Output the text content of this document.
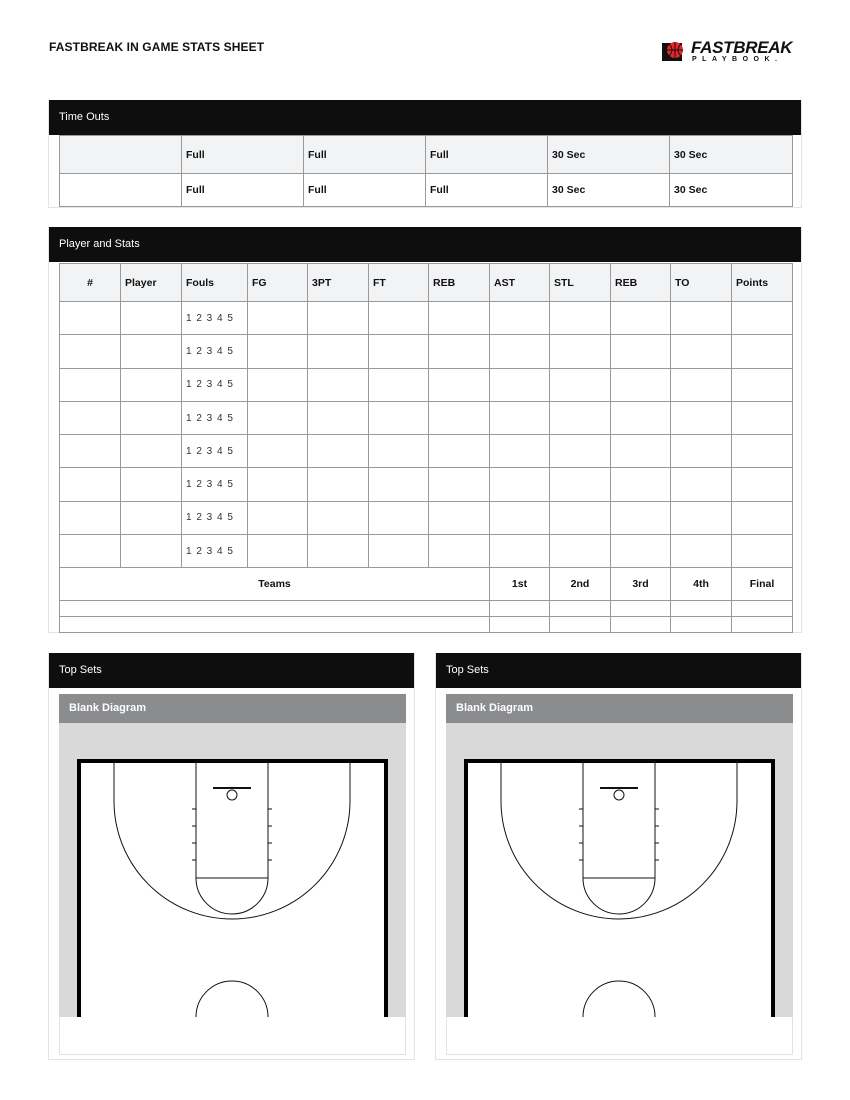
FASTBREAK IN GAME STATS SHEET	FASTBREAK
PLAYBOOK.
Time Outs
	Full	Full	Full	30 Sec	30 Sec
	Full	Full	Full	30 Sec	30 Sec
Player and Stats
#	Player	Fouls	FG	3PT	FT	REB	AST	STL	REB	TO	Points
		1 2 3 4 5									
		1 2 3 4 5									
		1 2 3 4 5									
		1 2 3 4 5									
		1 2 3 4 5									
		1 2 3 4 5									
		1 2 3 4 5									
		1 2 3 4 5									
Teams							1st	2nd	3rd	4th	Final

Top Sets
Blank Diagram
Top Sets
Blank Diagram
